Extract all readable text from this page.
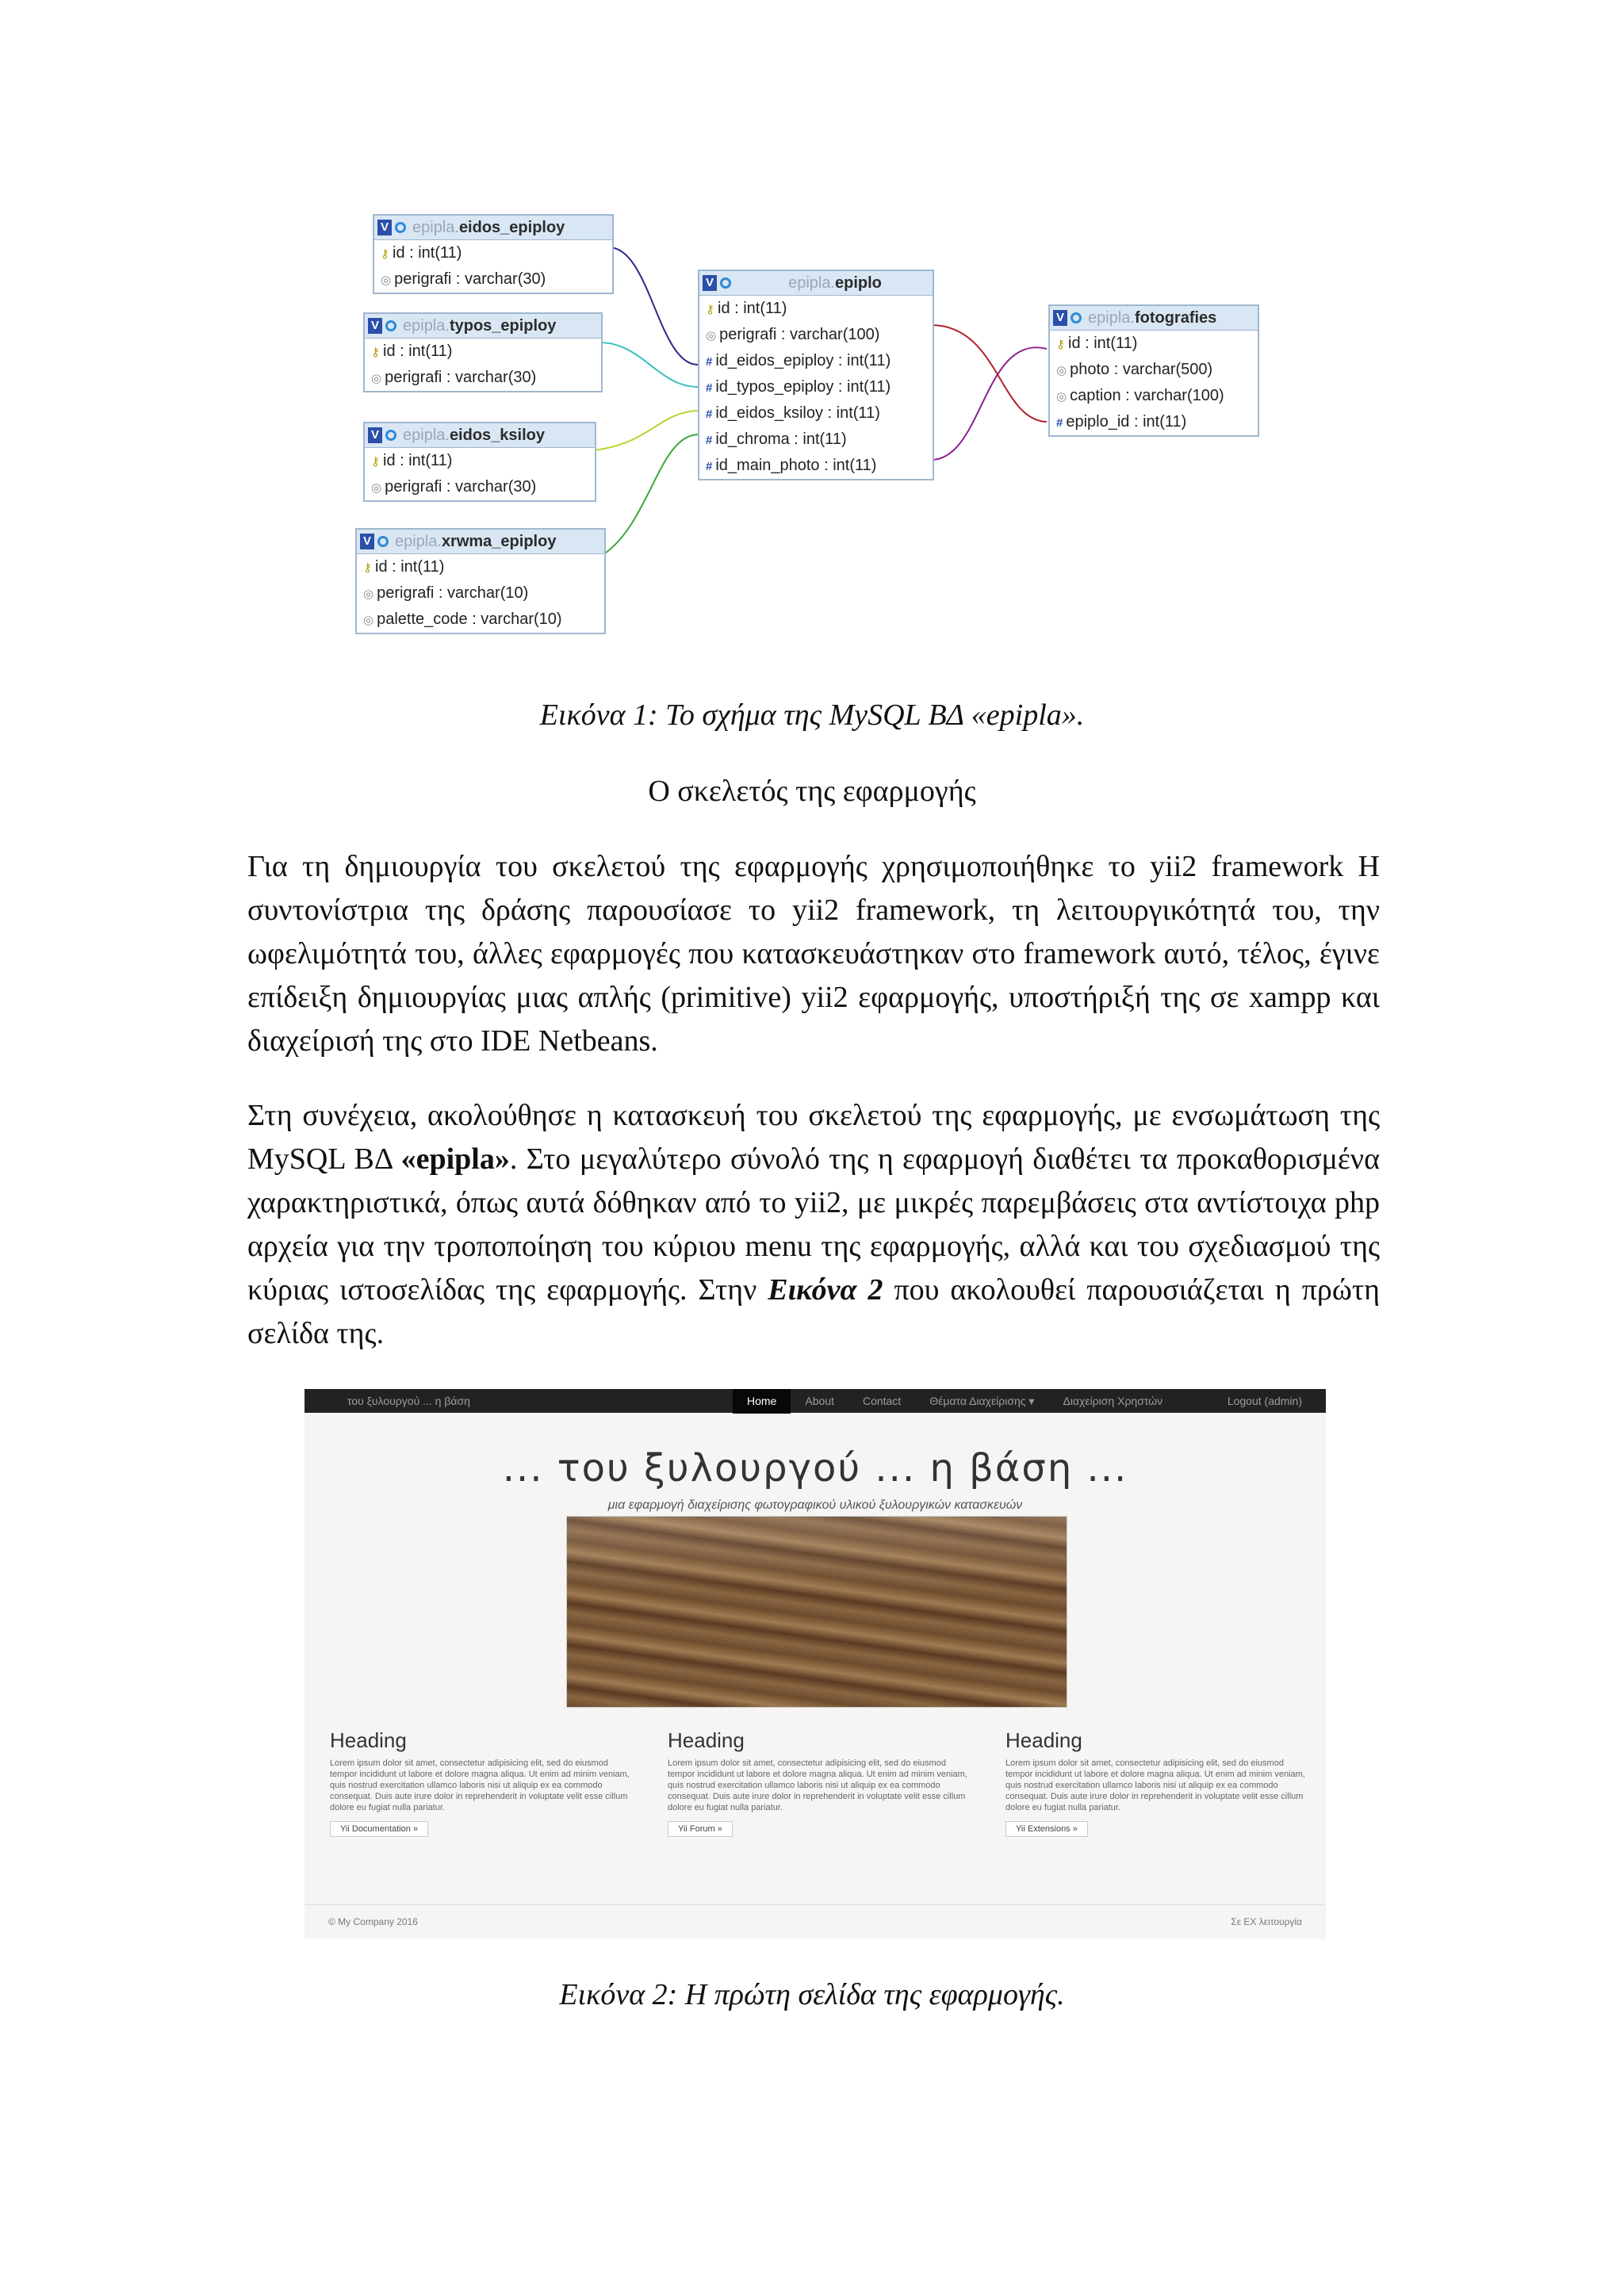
V epipla. eidos_epiploy
⚷ id : int(11)
◎ perigrafi : varchar(30)
V epipla. typos_epiploy
⚷ id : int(11)
◎ perigrafi : varchar(30)
V epipla. eidos_ksiloy
⚷ id : int(11)
◎ perigrafi : varchar(30)
V epipla. xrwma_epiploy
⚷ id : int(11)
◎ perigrafi : varchar(10)
◎ palette_code : varchar(10)
V	epipla.epiplo
⚷ id : int(11)
◎ perigrafi : varchar(100)
# id_eidos_epiploy : int(11)
# id_typos_epiploy : int(11)
# id_eidos_ksiloy : int(11)
# id_chroma : int(11)
# id_main_photo : int(11)
V epipla. fotografies
⚷ id : int(11)
◎ photo : varchar(500)
◎ caption : varchar(100)
# epiplo_id : int(11)
Εικόνα 1: Το σχήμα της MySQL ΒΔ «epipla».
Ο σκελετός της εφαρμογής
Για τη δημιουργία του σκελετού της εφαρμογής χρησιμοποιήθηκε το yii2 framework Η συντονίστρια της δράσης παρουσίασε το yii2 framework, τη λειτουργικότητά του, την ωφελιμότητά του, άλλες εφαρμογές που κατασκευάστηκαν στο framework αυτό, τέλος, έγινε επίδειξη δημιουργίας μιας απλής (primitive) yii2 εφαρμογής, υποστήριξή της σε xampp και διαχείρισή της στο IDE Netbeans.
Στη συνέχεια, ακολούθησε η κατασκευή του σκελετού της εφαρμογής, με ενσωμάτωση της MySQL ΒΔ «epipla». Στο μεγαλύτερο σύνολό της η εφαρμογή διαθέτει τα προκαθορισμένα χαρακτηριστικά, όπως αυτά δόθηκαν από το yii2, με μικρές παρεμβάσεις στα αντίστοιχα php αρχεία για την τροποποίηση του κύριου menu της εφαρμογής, αλλά και του σχεδιασμού της κύριας ιστοσελίδας της εφαρμογής. Στην Εικόνα 2 που ακολουθεί παρουσιάζεται η πρώτη σελίδα της.
του ξυλουργού ... η βάση	Home	About	Contact	Θέματα Διαχείρισης ▾	Διαχείριση Χρηστών	Logout (admin)
... του ξυλουργού ... η βάση ...
μια εφαρμογή διαχείρισης φωτογραφικού υλικού ξυλουργικών κατασκευών
Heading

Lorem ipsum dolor sit amet, consectetur adipisicing elit, sed do eiusmod tempor incididunt ut labore et dolore magna aliqua. Ut enim ad minim veniam, quis nostrud exercitation ullamco laboris nisi ut aliquip ex ea commodo consequat. Duis aute irure dolor in reprehenderit in voluptate velit esse cillum dolore eu fugiat nulla pariatur.

Yii Documentation »
Heading

Lorem ipsum dolor sit amet, consectetur adipisicing elit, sed do eiusmod tempor incididunt ut labore et dolore magna aliqua. Ut enim ad minim veniam, quis nostrud exercitation ullamco laboris nisi ut aliquip ex ea commodo consequat. Duis aute irure dolor in reprehenderit in voluptate velit esse cillum dolore eu fugiat nulla pariatur.

Yii Forum »
Heading

Lorem ipsum dolor sit amet, consectetur adipisicing elit, sed do eiusmod tempor incididunt ut labore et dolore magna aliqua. Ut enim ad minim veniam, quis nostrud exercitation ullamco laboris nisi ut aliquip ex ea commodo consequat. Duis aute irure dolor in reprehenderit in voluptate velit esse cillum dolore eu fugiat nulla pariatur.

Yii Extensions »
© My Company 2016	Σε ΕΧ λειτουργία
Εικόνα 2: Η πρώτη σελίδα της εφαρμογής.
